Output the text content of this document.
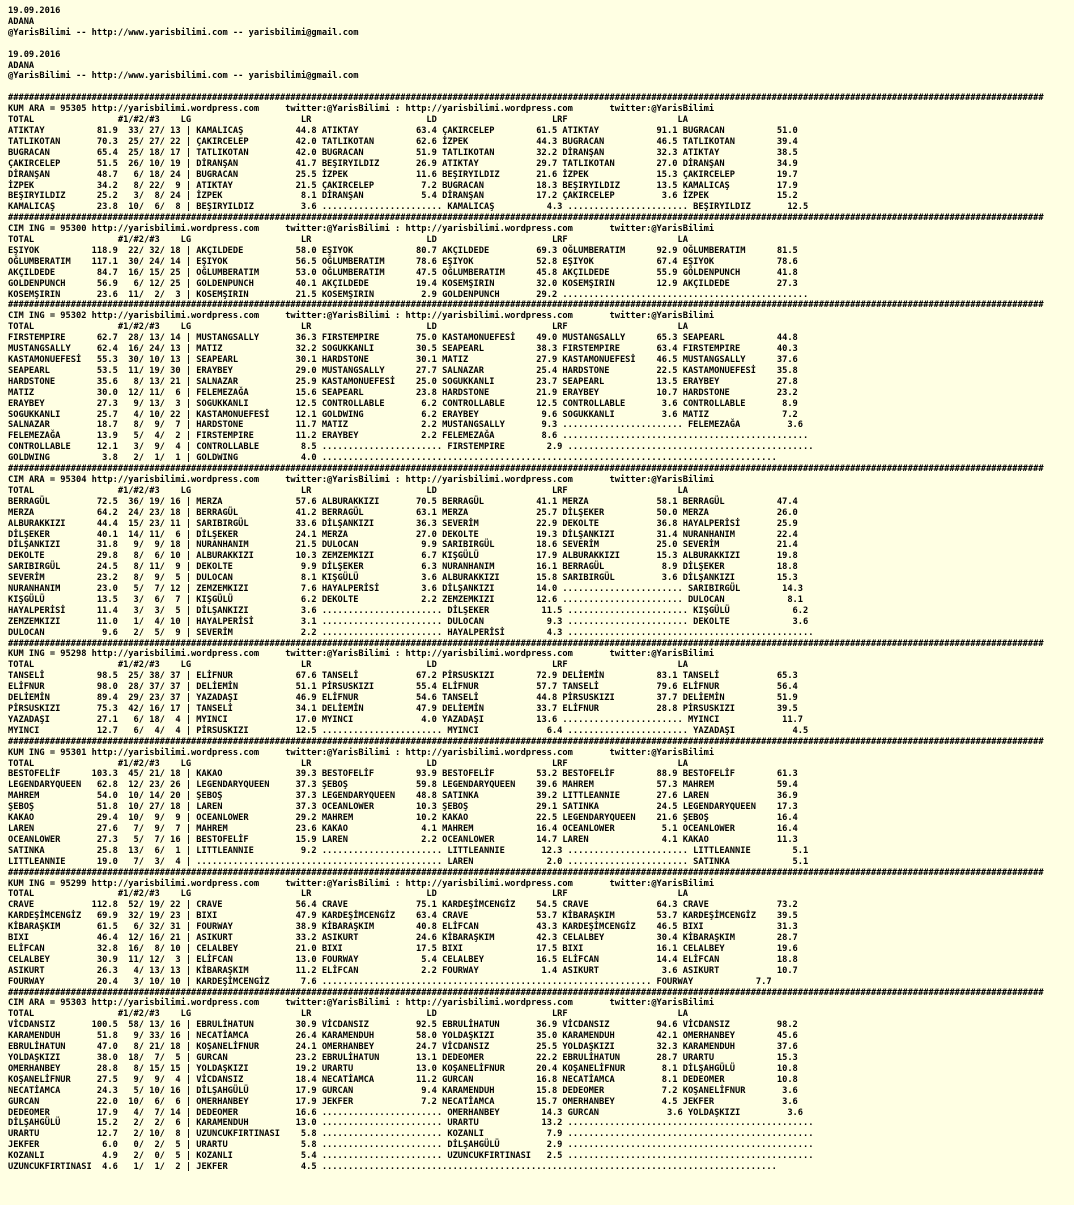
19.09.2016
ADANA
@YarisBilimi -- http://www.yarisbilimi.com -- yarisbilimi@gmail.com

19.09.2016
ADANA
@YarisBilimi -- http://www.yarisbilimi.com -- yarisbilimi@gmail.com

######################################################################################################################################################################################################
KUM ARA = 95305 http://yarisbilimi.wordpress.com     twitter:@YarisBilimi : http://yarisbilimi.wordpress.com       twitter:@YarisBilimi
TOTAL                #1/#2/#3    LG                     LR                      LD                      LRF                     LA
ATIKTAY          81.9  33/ 27/ 13 | KAMALICAŞ          44.8 ATIKTAY           63.4 ÇAKIRCELEP        61.5 ATIKTAY           91.1 BUGRACAN          51.0
TATLIKOTAN       70.3  25/ 27/ 22 | ÇAKIRCELEP         42.0 TATLIKOTAN        62.6 İZPEK             44.3 BUGRACAN          46.5 TATLIKOTAN        39.4
BUGRACAN         65.4  25/ 18/ 17 | TATLIKOTAN         42.0 BUGRACAN          51.9 TATLIKOTAN        32.2 DİRANŞAN          32.3 ATIKTAY           38.5
ÇAKIRCELEP       51.5  26/ 10/ 19 | DİRANŞAN           41.7 BEŞIRYILDIZ       26.9 ATIKTAY           29.7 TATLIKOTAN        27.0 DİRANŞAN          34.9
DİRANŞAN         48.7   6/ 18/ 24 | BUGRACAN           25.5 İZPEK             11.6 BEŞIRYILDIZ       21.6 İZPEK             15.3 ÇAKIRCELEP        19.7
İZPEK            34.2   8/ 22/  9 | ATIKTAY            21.5 ÇAKIRCELEP         7.2 BUGRACAN          18.3 BEŞIRYILDIZ       13.5 KAMALICAŞ         17.9
BEŞIRYILDIZ      25.2   3/  8/ 24 | İZPEK               8.1 DİRANŞAN           5.4 DİRANŞAN          17.2 ÇAKIRCELEP         3.6 İZPEK             15.2
KAMALICAŞ        23.8  10/  6/  8 | BEŞIRYILDIZ         3.6 ....................... KAMALICAŞ          4.3 ....................... BEŞIRYILDIZ       12.5
######################################################################################################################################################################################################
CIM ING = 95300 http://yarisbilimi.wordpress.com     twitter:@YarisBilimi : http://yarisbilimi.wordpress.com       twitter:@YarisBilimi
TOTAL                #1/#2/#3    LG                     LR                      LD                      LRF                     LA
EŞIYOK          118.9  22/ 32/ 18 | AKÇILDEDE          58.0 EŞIYOK            80.7 AKÇILDEDE         69.3 OĞLUMBERATIM      92.9 OĞLUMBERATIM      81.5
OĞLUMBERATIM    117.1  30/ 24/ 14 | EŞIYOK             56.5 OĞLUMBERATIM      78.6 EŞIYOK            52.8 EŞIYOK            67.4 EŞIYOK            78.6
AKÇILDEDE        84.7  16/ 15/ 25 | OĞLUMBERATIM       53.0 OĞLUMBERATIM      47.5 OĞLUMBERATIM      45.8 AKÇILDEDE         55.9 GÖLDENPUNCH       41.8
GOLDENPUNCH      56.9   6/ 12/ 25 | GOLDENPUNCH        40.1 AKÇILDEDE         19.4 KOSEMŞIRIN        32.0 KOSEMŞIRIN        12.9 AKÇILDEDE         27.3
KOSEMŞIRIN       23.6  11/  2/  3 | KOSEMŞIRIN         21.5 KOSEMŞIRIN         2.9 GOLDENPUNCH       29.2 ...............................................
######################################################################################################################################################################################################
CIM ING = 95302 http://yarisbilimi.wordpress.com     twitter:@YarisBilimi : http://yarisbilimi.wordpress.com       twitter:@YarisBilimi
TOTAL                #1/#2/#3    LG                     LR                      LD                      LRF                     LA
FIRSTEMPIRE      62.7  28/ 13/ 14 | MUSTANGSALLY       36.3 FIRSTEMPIRE       75.0 KASTAMONUEFESİ    49.0 MUSTANGSALLY      65.3 SEAPEARL          44.8
MUSTANGSALLY     62.4  16/ 24/ 13 | MATIZ              32.2 SOGUKKANLI        30.5 SEAPEARL          38.3 FIRSTEMPIRE       63.4 FIRSTEMPIRE       40.3
KASTAMONUEFESİ   55.3  30/ 10/ 13 | SEAPEARL           30.1 HARDSTONE         30.1 MATIZ             27.9 KASTAMONUEFESİ    46.5 MUSTANGSALLY      37.6
SEAPEARL         53.5  11/ 19/ 30 | ERAYBEY            29.0 MUSTANGSALLY      27.7 SALNAZAR          25.4 HARDSTONE         22.5 KASTAMONUEFESİ    35.8
HARDSTONE        35.6   8/ 13/ 21 | SALNAZAR           25.9 KASTAMONUEFESİ    25.0 SOGUKKANLI        23.7 SEAPEARL          13.5 ERAYBEY           27.8
MATIZ            30.0  12/ 11/  6 | FELEMEZAĞA         15.6 SEAPEARL          23.8 HARDSTONE         21.9 ERAYBEY           10.7 HARDSTONE         23.2
ERAYBEY          27.3   9/ 13/  3 | SOGUKKANLI         12.5 CONTROLLABLE       6.2 CONTROLLABLE      12.5 CONTROLLABLE       3.6 CONTROLLABLE       8.9
SOGUKKANLI       25.7   4/ 10/ 22 | KASTAMONUEFESİ     12.1 GOLDWING           6.2 ERAYBEY            9.6 SOGUKKANLI         3.6 MATIZ              7.2
SALNAZAR         18.7   8/  9/  7 | HARDSTONE          11.7 MATIZ              2.2 MUSTANGSALLY       9.3 ....................... FELEMEZAĞA         3.6
FELEMEZAĞA       13.9   5/  4/  2 | FIRSTEMPIRE        11.2 ERAYBEY            2.2 FELEMEZAĞA         8.6 ...............................................
CONTROLLABLE     12.1   3/  9/  4 | CONTROLLABLE        8.5 ....................... FIRSTEMPIRE        2.9 ...............................................
GOLDWING          3.8   2/  1/  1 | GOLDWING            4.0 .......................................................................................
######################################################################################################################################################################################################
CIM ARA = 95304 http://yarisbilimi.wordpress.com     twitter:@YarisBilimi : http://yarisbilimi.wordpress.com       twitter:@YarisBilimi
TOTAL                #1/#2/#3    LG                     LR                      LD                      LRF                     LA
BERRAGÜL         72.5  36/ 19/ 16 | MERZA              57.6 ALBURAKKIZI       70.5 BERRAGÜL          41.1 MERZA             58.1 BERRAGÜL          47.4
MERZA            64.2  24/ 23/ 18 | BERRAGÜL           41.2 BERRAGÜL          63.1 MERZA             25.7 DİLŞEKER          50.0 MERZA             26.0
ALBURAKKIZI      44.4  15/ 23/ 11 | SARIBIRGÜL         33.6 DİLŞANKIZI        36.3 SEVERİM           22.9 DEKOLTE           36.8 HAYALPERİSİ       25.9
DİLŞEKER         40.1  14/ 11/  6 | DİLŞEKER           24.1 MERZA             27.0 DEKOLTE           19.3 DİLŞANKIZI        31.4 NURANHANIM        22.4
DİLŞANKIZI       31.8   9/  9/ 18 | NURANHANIM         21.5 DULOCAN            9.9 SARIBIRGÜL        18.6 SEVERİM           25.0 SEVERİM           21.4
DEKOLTE          29.8   8/  6/ 10 | ALBURAKKIZI        10.3 ZEMZEMKIZI         6.7 KIŞGÜLÜ           17.9 ALBURAKKIZI       15.3 ALBURAKKIZI       19.8
SARIBIRGÜL       24.5   8/ 11/  9 | DEKOLTE             9.9 DİLŞEKER           6.3 NURANHANIM        16.1 BERRAGÜL           8.9 DİLŞEKER          18.8
SEVERİM          23.2   8/  9/  5 | DULOCAN             8.1 KIŞGÜLÜ            3.6 ALBURAKKIZI       15.8 SARIBIRGÜL         3.6 DİLŞANKIZI        15.3
NURANHANIM       23.0   5/  7/ 12 | ZEMZEMKIZI          7.6 HAYALPERİSİ        3.6 DİLŞANKIZI        14.0 ....................... SARIBIRGÜL        14.3
KIŞGÜLÜ          13.5   3/  6/  7 | KIŞGÜLÜ             6.2 DEKOLTE            2.2 ZEMZEMKIZI        12.6 ....................... DULOCAN            8.1
HAYALPERİSİ      11.4   3/  3/  5 | DİLŞANKIZI          3.6 ....................... DİLŞEKER          11.5 ....................... KIŞGÜLÜ            6.2
ZEMZEMKIZI       11.0   1/  4/ 10 | HAYALPERİSİ         3.1 ....................... DULOCAN            9.3 ....................... DEKOLTE            3.6
DULOCAN           9.6   2/  5/  9 | SEVERİM             2.2 ....................... HAYALPERİSİ        4.3 ...............................................
######################################################################################################################################################################################################
KUM ING = 95298 http://yarisbilimi.wordpress.com     twitter:@YarisBilimi : http://yarisbilimi.wordpress.com       twitter:@YarisBilimi
TOTAL                #1/#2/#3    LG                     LR                      LD                      LRF                     LA
TANSELİ          98.5  25/ 38/ 37 | ELİFNUR            67.6 TANSELİ           67.2 PİRSUSKIZI        72.9 DELİEMİN          83.1 TANSELİ           65.3
ELİFNUR          98.0  28/ 37/ 37 | DELİEMİN           51.1 PİRSUSKIZI        55.4 ELİFNUR           57.7 TANSELİ           79.6 ELİFNUR           56.4
DELİEMİN         89.4  29/ 23/ 37 | YAZADAŞI           46.9 ELİFNUR           54.6 TANSELİ           44.8 PİRSUSKIZI        37.7 DELİEMİN          51.9
PİRSUSKIZI       75.3  42/ 16/ 17 | TANSELİ            34.1 DELİEMİN          47.9 DELİEMİN          33.7 ELİFNUR           28.8 PİRSUSKIZI        39.5
YAZADAŞI         27.1   6/ 18/  4 | MYINCI             17.0 MYINCI             4.0 YAZADAŞI          13.6 ....................... MYINCI            11.7
MYINCI           12.7   6/  4/  4 | PİRSUSKIZI         12.5 ....................... MYINCI             6.4 ....................... YAZADAŞI           4.5
######################################################################################################################################################################################################
KUM ING = 95301 http://yarisbilimi.wordpress.com     twitter:@YarisBilimi : http://yarisbilimi.wordpress.com       twitter:@YarisBilimi
TOTAL                #1/#2/#3    LG                     LR                      LD                      LRF                     LA
BESTOFELİF      103.3  45/ 21/ 18 | KAKAO              39.3 BESTOFELİF        93.9 BESTOFELİF        53.2 BESTOFELİF        88.9 BESTOFELİF        61.3
LEGENDARYQUEEN   62.8  12/ 23/ 26 | LEGENDARYQUEEN     37.3 ŞEBOŞ             59.8 LEGENDARYQUEEN    39.6 MAHREM            57.3 MAHREM            59.4
MAHREM           54.0  10/ 14/ 20 | ŞEBOŞ              37.3 LEGENDARYQUEEN    48.8 SATINKA           39.2 LITTLEANNIE       27.6 LAREN             36.9
ŞEBOŞ            51.8  10/ 27/ 18 | LAREN              37.3 OCEANLOWER        10.3 ŞEBOŞ             29.1 SATINKA           24.5 LEGENDARYQUEEN    17.3
KAKAO            29.4  10/  9/  9 | OCEANLOWER         29.2 MAHREM            10.2 KAKAO             22.5 LEGENDARYQUEEN    21.6 ŞEBOŞ             16.4
LAREN            27.6   7/  9/  7 | MAHREM             23.6 KAKAO              4.1 MAHREM            16.4 OCEANLOWER         5.1 OCEANLOWER        16.4
OCEANLOWER       27.3   5/  7/ 16 | BESTOFELİF         15.9 LAREN              2.2 OCEANLOWER        14.7 LAREN              4.1 KAKAO             11.3
SATINKA          25.8  13/  6/  1 | LITTLEANNIE         9.2 ....................... LITTLEANNIE       12.3 ....................... LITTLEANNIE        5.1
LITTLEANNIE      19.0   7/  3/  4 | ............................................... LAREN              2.0 ....................... SATINKA            5.1
######################################################################################################################################################################################################
KUM ING = 95299 http://yarisbilimi.wordpress.com     twitter:@YarisBilimi : http://yarisbilimi.wordpress.com       twitter:@YarisBilimi
TOTAL                #1/#2/#3    LG                     LR                      LD                      LRF                     LA
CRAVE           112.8  52/ 19/ 22 | CRAVE              56.4 CRAVE             75.1 KARDEŞİMCENGİZ    54.5 CRAVE             64.3 CRAVE             73.2
KARDEŞİMCENGİZ   69.9  32/ 19/ 23 | BIXI               47.9 KARDEŞİMCENGİZ    63.4 CRAVE             53.7 KİBARAŞKIM        53.7 KARDEŞİMCENGİZ    39.5
KİBARAŞKIM       61.5   6/ 32/ 31 | FOURWAY            38.9 KİBARAŞKIM        40.8 ELİFCAN           43.3 KARDEŞİMCENGİZ    46.5 BIXI              31.3
BIXI             46.4  12/ 16/ 21 | ASIKURT            33.2 ASIKURT           24.6 KİBARAŞKIM        42.3 CELALBEY          30.4 KİBARAŞKIM        28.7
ELİFCAN          32.8  16/  8/ 10 | CELALBEY           21.0 BIXI              17.5 BIXI              17.5 BIXI              16.1 CELALBEY          19.6
CELALBEY         30.9  11/ 12/  3 | ELİFCAN            13.0 FOURWAY            5.4 CELALBEY          16.5 ELİFCAN           14.4 ELİFCAN           18.8
ASIKURT          26.3   4/ 13/ 13 | KİBARAŞKIM         11.2 ELİFCAN            2.2 FOURWAY            1.4 ASIKURT            3.6 ASIKURT           10.7
FOURWAY          20.4   3/ 10/ 10 | KARDEŞİMCENGİZ      7.6 ............................................................... FOURWAY            7.7
######################################################################################################################################################################################################
CIM ARA = 95303 http://yarisbilimi.wordpress.com     twitter:@YarisBilimi : http://yarisbilimi.wordpress.com       twitter:@YarisBilimi
TOTAL                #1/#2/#3    LG                     LR                      LD                      LRF                     LA
VİCDANSIZ       100.5  58/ 13/ 16 | EBRULİHATUN        30.9 VİCDANSIZ         92.5 EBRULİHATUN       36.9 VİCDANSIZ         94.6 VİCDANSIZ         98.2
KARAMENDUH       51.8   9/ 33/ 16 | NECATİAMCA         26.4 KARAMENDUH        58.0 YOLDAŞKIZI        35.0 KARAMENDUH        42.1 OMERHANBEY        45.6
EBRULİHATUN      47.0   8/ 21/ 18 | KOŞANELİFNUR       24.1 OMERHANBEY        24.7 VİCDANSIZ         25.5 YOLDAŞKIZI        32.3 KARAMENDUH        37.6
YOLDAŞKIZI       38.0  18/  7/  5 | GURCAN             23.2 EBRULİHATUN       13.1 DEDEOMER          22.2 EBRULİHATUN       28.7 URARTU            15.3
OMERHANBEY       28.8   8/ 15/ 15 | YOLDAŞKIZI         19.2 URARTU            13.0 KOŞANELİFNUR      20.4 KOŞANELİFNUR       8.1 DİLŞAHGÜLÜ        10.8
KOŞANELİFNUR     27.5   9/  9/  4 | VİCDANSIZ          18.4 NECATİAMCA        11.2 GURCAN            16.8 NECATİAMCA         8.1 DEDEOMER          10.8
NECATİAMCA       24.3   5/ 10/ 16 | DİLŞAHGÜLÜ         17.9 GURCAN             9.4 KARAMENDUH        15.8 DEDEOMER           7.2 KOŞANELİFNUR       3.6
GURCAN           22.0  10/  6/  6 | OMERHANBEY         17.9 JEKFER             7.2 NECATİAMCA        15.7 OMERHANBEY         4.5 JEKFER             3.6
DEDEOMER         17.9   4/  7/ 14 | DEDEOMER           16.6 ....................... OMERHANBEY        14.3 GURCAN             3.6 YOLDAŞKIZI         3.6
DİLŞAHGÜLÜ       15.2   2/  2/  6 | KARAMENDUH         13.0 ....................... URARTU            13.2 ...............................................
URARTU           12.7   2/ 10/  8 | UZUNCUKFIRTINASI    5.8 ....................... KOZANLI            7.9 ...............................................
JEKFER            6.0   0/  2/  5 | URARTU              5.8 ....................... DİLŞAHGÜLÜ         2.9 ...............................................
KOZANLI           4.9   2/  0/  5 | KOZANLI             5.4 ....................... UZUNCUKFIRTINASI   2.5 ...............................................
UZUNCUKFIRTINASI  4.6   1/  1/  2 | JEKFER              4.5 .......................................................................................
